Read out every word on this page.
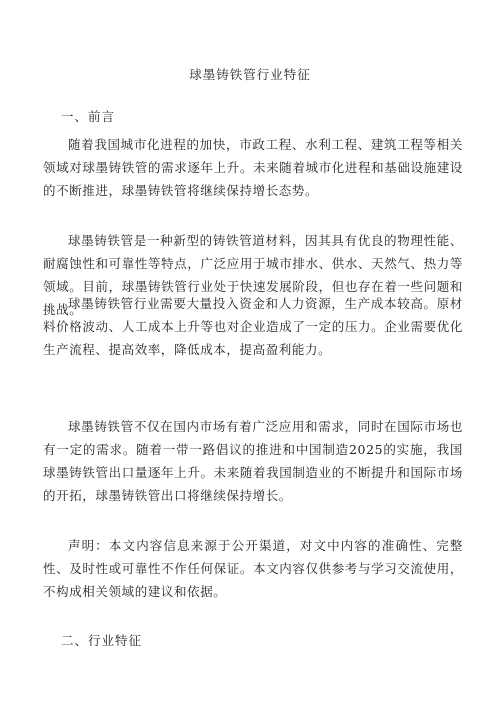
球墨铸铁管行业特征
一、前言

随着我国城市化进程的加快，市政工程、水利工程、建筑工程等相关领域对球墨铸铁管的需求逐年上升。未来随着城市化进程和基础设施建设的不断推进，球墨铸铁管将继续保持增长态势。

球墨铸铁管是一种新型的铸铁管道材料，因其具有优良的物理性能、耐腐蚀性和可靠性等特点，广泛应用于城市排水、供水、天然气、热力等领域。目前，球墨铸铁管行业处于快速发展阶段，但也存在着一些问题和挑战。

球墨铸铁管行业需要大量投入资金和人力资源，生产成本较高。原材料价格波动、人工成本上升等也对企业造成了一定的压力。企业需要优化生产流程、提高效率，降低成本，提高盈利能力。

球墨铸铁管不仅在国内市场有着广泛应用和需求，同时在国际市场也有一定的需求。随着一带一路倡议的推进和中国制造2025的实施，我国球墨铸铁管出口量逐年上升。未来随着我国制造业的不断提升和国际市场的开拓，球墨铸铁管出口将继续保持增长。

声明：本文内容信息来源于公开渠道，对文中内容的准确性、完整性、及时性或可靠性不作任何保证。本文内容仅供参考与学习交流使用，不构成相关领域的建议和依据。

二、行业特征
